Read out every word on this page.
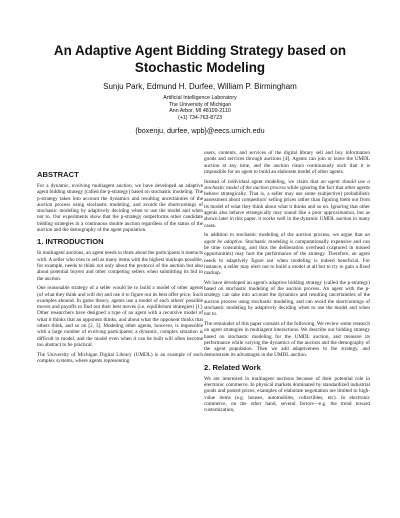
An Adaptive Agent Bidding Strategy based on
Stochastic Modeling
Sunju Park, Edmund H. Durfee, William P. Birmingham
Artificial Intelligence Laboratory
The University of Michigan
Ann Arbor, MI 48109-2110
(+1) 734-763-8723
{boxenju, durfee, wpb}@eecs.umich.edu
ABSTRACT

For a dynamic, evolving multiagent auction, we have developed an adaptive agent bidding strategy (called the p-strategy) based on stochastic modeling. The p-strategy takes into account the dynamics and resulting uncertainties of the auction process using stochastic modeling, and avoids the shortcomings of stochastic modeling by adaptively deciding when to use the model and when not to. Our experiments show that the p-strategy outperforms other candidate bidding strategies in a continuous double auction regardless of the status of the auction and the demography of the agent population.

1. INTRODUCTION

In multiagent auctions, an agent needs to think about the participants it interacts with. A seller who tries to sell as many items with the highest markups possible, for example, needs to think not only about the protocol of the auction but also about potential buyers and other competing sellers when submitting its bid to the auction.

One reasonable strategy of a seller would be to build a model of other agents (of what they think and will do) and use it to figure out its best offer price. Such examples abound. In game theory, agents use a model of each others' possible moves and payoffs to find out their best moves (i.e. equilibrium strategies) [1]. Other researchers have designed a type of an agent with a recursive model of what it thinks that an opponent thinks, and about what the opponent thinks that others think, and so on [2, 3]. Modeling other agents, however, is impossible with a large number of evolving participants; a dynamic, complex situation is difficult to model, and the model even when it can be built will often become too abstract to be practical.

The University of Michigan Digital Library (UMDL) is an example of such complex systems, where agents representing

users, contents, and services of the digital library sell and buy information goods and services through auctions [4]. Agents can join or leave the UMDL auction at any time, and the auction clears continuously such that it is impossible for an agent to build an elaborate model of other agents.

Instead of individual agent modeling, we claim that an agent should use a stochastic model of the auction process while ignoring the fact that other agents behave strategically. That is, a seller may use some (subjective) probabilistic assessment about competitors' selling prices rather than figuring them out from its model of what they think about what it thinks and so on. Ignoring that other agents also behave strategically may sound like a poor approximation, but as shown later in this paper, it works well in the dynamic UMDL auction in many cases.

In addition to stochastic modeling of the auction process, we argue that an agent be adaptive. Stochastic modeling is computationally expensive and can be time consuming, and thus the deliberation overhead (captured in missed opportunities) may hurt the performance of the strategy. Therefore, an agent needs to adaptively figure out when modeling is indeed beneficial. For instance, a seller may elect not to build a model at all but to try to gain a fixed markup.

We have developed an agent's adaptive bidding strategy (called the p-strategy) based on stochastic modeling of the auction process. An agent with the p-strategy can take into account the dynamics and resulting uncertainties of the auction process using stochastic modeling, and can avoid the shortcomings of stochastic modeling by adaptively deciding when to use the model and when not to.

The remainder of this paper consists of the following. We review some research on agent strategies in multiagent interactions. We describe our bidding strategy based on stochastic modeling for the UMDL auction, and measure its performance while varying the dynamics of the auction and the demography of the agent population. Then we add adaptiveness to the strategy, and demonstrate its advantages in the UMDL auction.

2. Related Work

We are interested in multiagent auctions because of their potential role in electronic commerce. In physical markets dominated by standardized industrial goods and posted prices, examples of elaborate negotiation are limited to high-value items (e.g. houses, automobiles, collectibles, etc). In electronic commerce, on the other hand, several factors—e.g. the trend toward customization,
